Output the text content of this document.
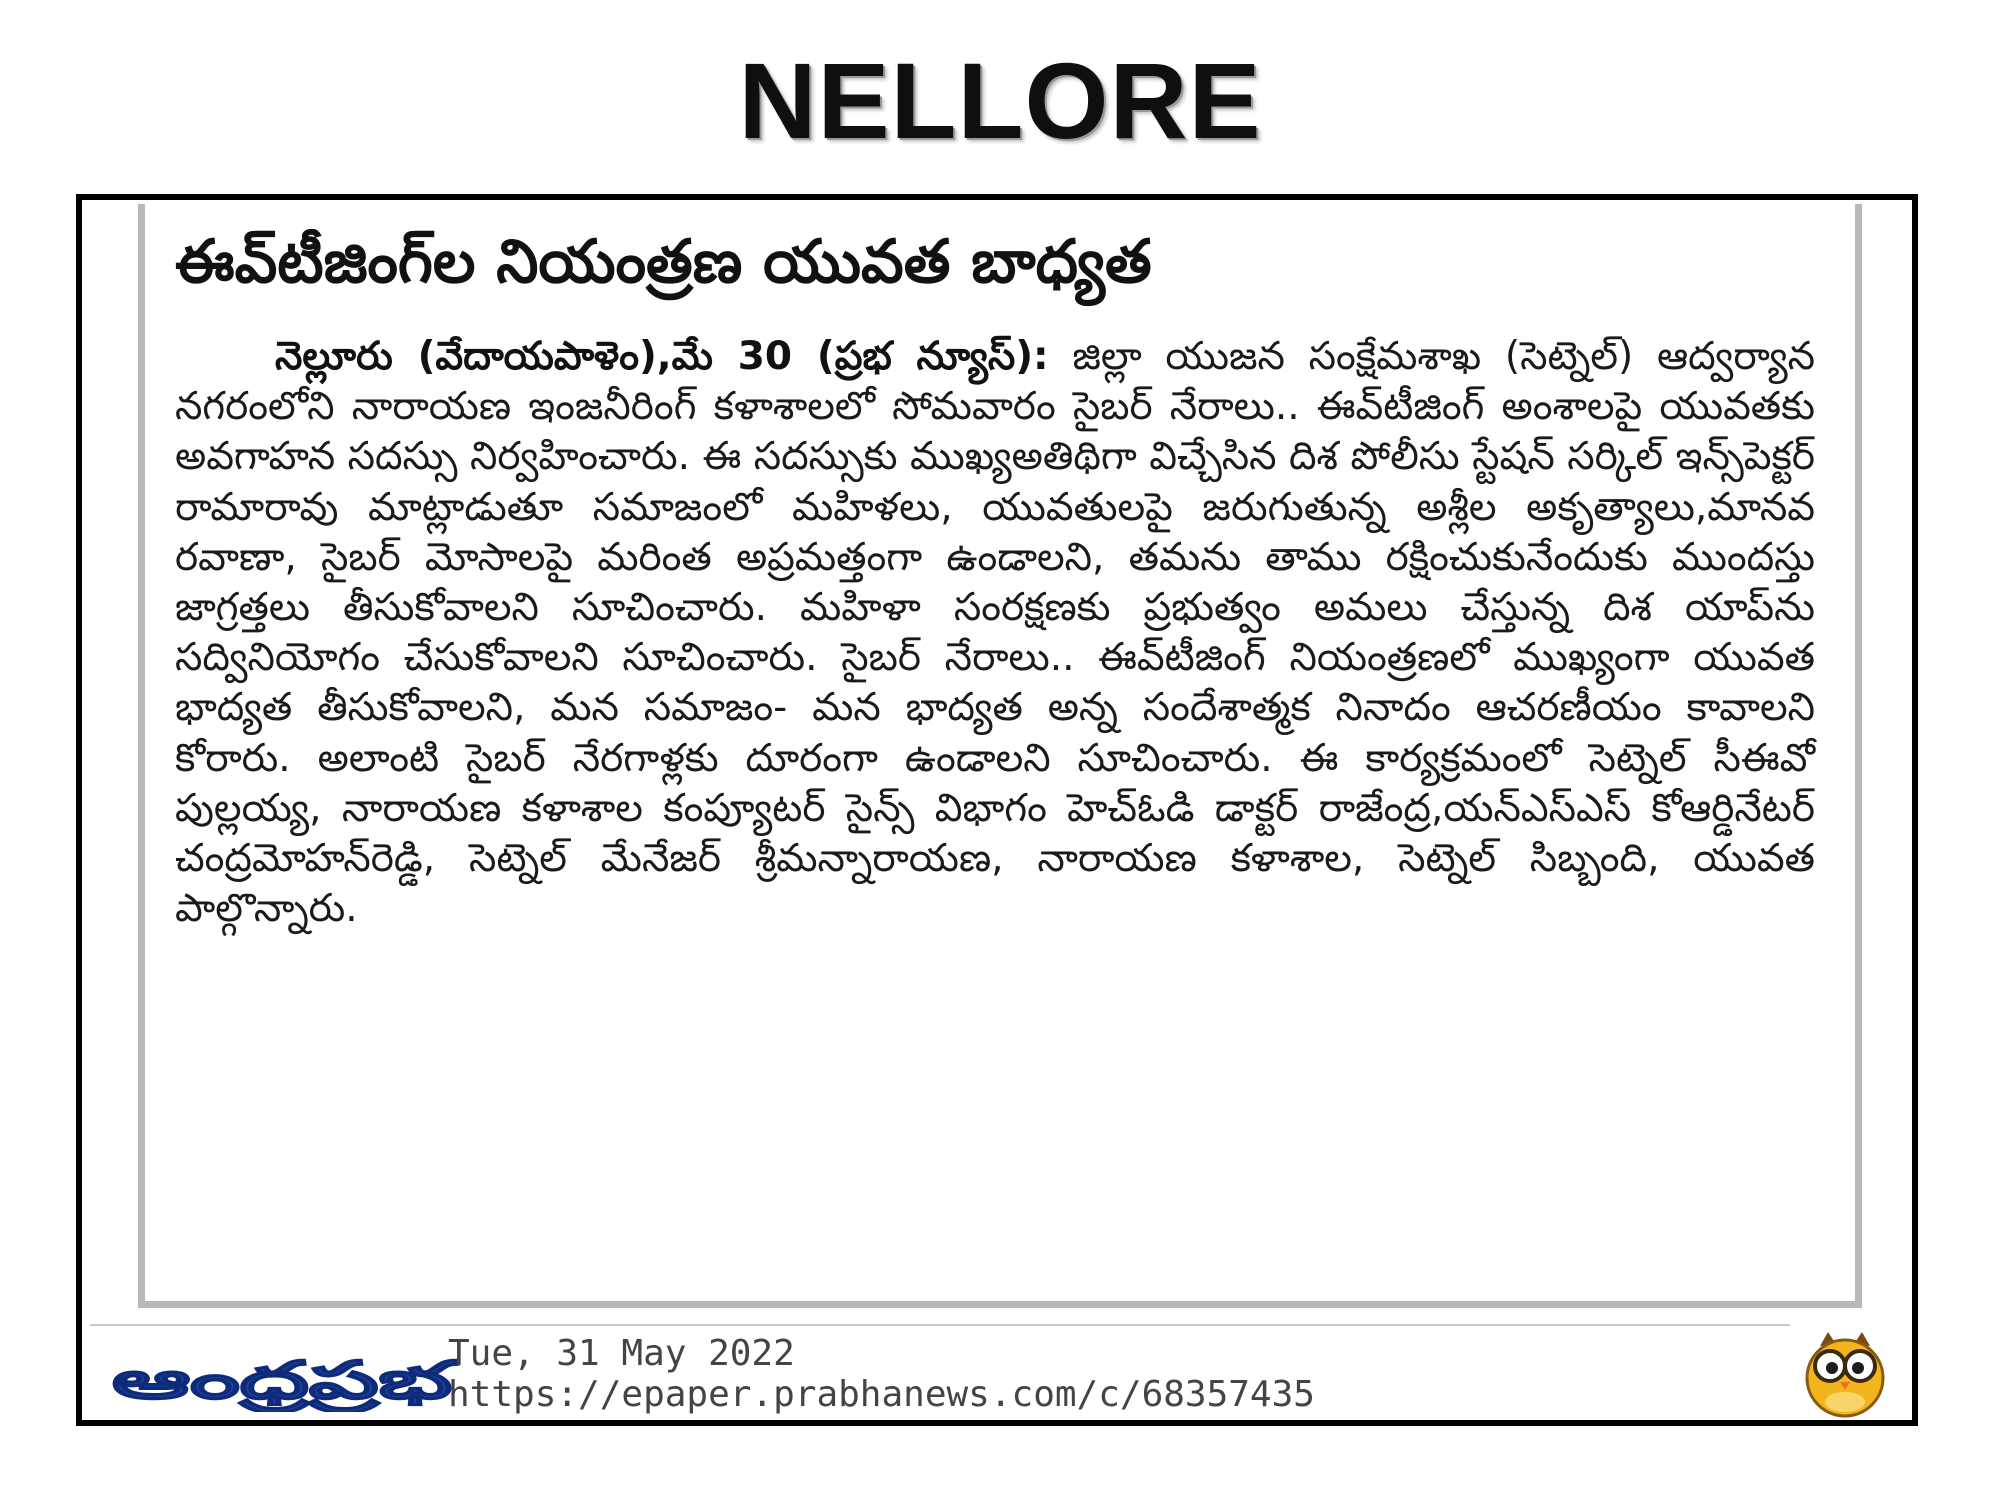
NELLORE
ఈవ్‌టీజింగ్‌ల నియంత్రణ యువత బాధ్యత
నెల్లూరు (వేదాయపాళెం),మే 30 (ప్రభ న్యూస్): జిల్లా యుజన సంక్షేమశాఖ (సెట్నెల్) ఆద్వర్యాన నగరంలోని నారాయణ ఇంజనీరింగ్ కళాశాలలో సోమవారం సైబర్ నేరాలు.. ఈవ్‌టీజింగ్ అంశాలపై యువతకు అవగాహన సదస్సు నిర్వహించారు. ఈ సదస్సుకు ముఖ్యఅతిథిగా విచ్చేసిన దిశ పోలీసు స్టేషన్ సర్కిల్ ఇన్స్‌పెక్టర్ రామారావు మాట్లాడుతూ సమాజంలో మహిళలు, యువతులపై జరుగుతున్న అశ్లీల అకృత్యాలు,మానవ రవాణా, సైబర్ మోసాలపై మరింత అప్రమత్తంగా ఉండాలని, తమను తాము రక్షించుకునేందుకు ముందస్తు జాగ్రత్తలు తీసుకోవాలని సూచించారు. మహిళా సంరక్షణకు ప్రభుత్వం అమలు చేస్తున్న దిశ యాప్‌ను సద్వినియోగం చేసుకోవాలని సూచించారు. సైబర్ నేరాలు.. ఈవ్‌టీజింగ్ నియంత్రణలో ముఖ్యంగా యువత భాద్యత తీసుకోవాలని, మన సమాజం- మన భాద్యత అన్న సందేశాత్మక నినాదం ఆచరణీయం కావాలని కోరారు. అలాంటి సైబర్ నేరగాళ్లకు దూరంగా ఉండాలని సూచించారు. ఈ కార్యక్రమంలో సెట్నెల్ సీఈవో పుల్లయ్య, నారాయణ కళాశాల కంప్యూటర్ సైన్స్ విభాగం హెచ్‌ఓడి డాక్టర్ రాజేంద్ర,యన్ఎస్ఎస్ కోఆర్డినేటర్ చంద్రమోహన్‌రెడ్డి, సెట్నెల్ మేనేజర్ శ్రీమన్నారాయణ, నారాయణ కళాశాల, సెట్నెల్ సిబ్బంది, యువత పాల్గొన్నారు.
ఆంధ్రప్రభ	Tue, 31 May 2022
https://epaper.prabhanews.com/c/68357435
